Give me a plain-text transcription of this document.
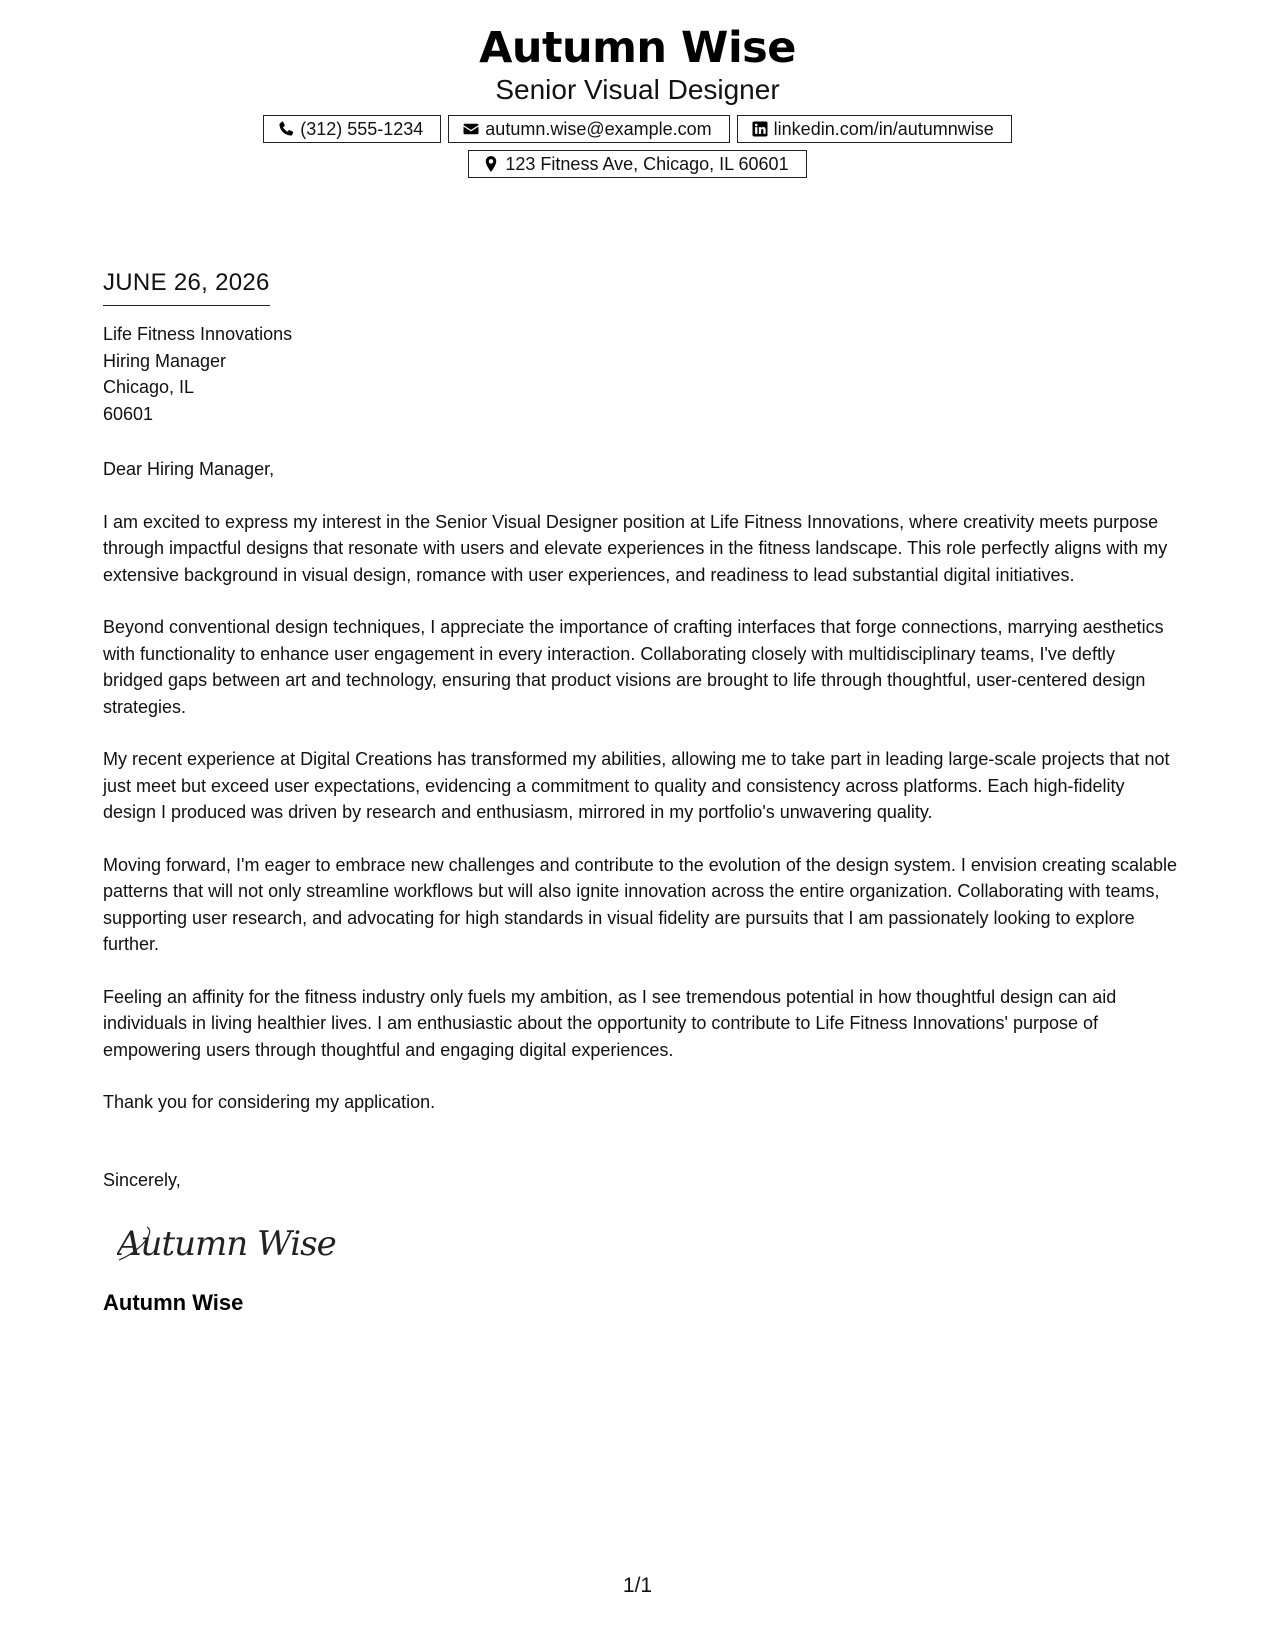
Autumn Wise
Senior Visual Designer
(312) 555-1234	autumn.wise@example.com	linkedin.com/in/autumnwise
123 Fitness Ave, Chicago, IL 60601
JUNE 26, 2026
Life Fitness Innovations
Hiring Manager
Chicago, IL
60601
Dear Hiring Manager,

I am excited to express my interest in the Senior Visual Designer position at Life Fitness Innovations, where creativity meets purpose through impactful designs that resonate with users and elevate experiences in the fitness landscape. This role perfectly aligns with my extensive background in visual design, romance with user experiences, and readiness to lead substantial digital initiatives.

Beyond conventional design techniques, I appreciate the importance of crafting interfaces that forge connections, marrying aesthetics with functionality to enhance user engagement in every interaction. Collaborating closely with multidisciplinary teams, I've deftly bridged gaps between art and technology, ensuring that product visions are brought to life through thoughtful, user-centered design strategies.

My recent experience at Digital Creations has transformed my abilities, allowing me to take part in leading large-scale projects that not just meet but exceed user expectations, evidencing a commitment to quality and consistency across platforms. Each high-fidelity design I produced was driven by research and enthusiasm, mirrored in my portfolio's unwavering quality.

Moving forward, I'm eager to embrace new challenges and contribute to the evolution of the design system. I envision creating scalable patterns that will not only streamline workflows but will also ignite innovation across the entire organization. Collaborating with teams, supporting user research, and advocating for high standards in visual fidelity are pursuits that I am passionately looking to explore further.

Feeling an affinity for the fitness industry only fuels my ambition, as I see tremendous potential in how thoughtful design can aid individuals in living healthier lives. I am enthusiastic about the opportunity to contribute to Life Fitness Innovations' purpose of empowering users through thoughtful and engaging digital experiences.

Thank you for considering my application.

Sincerely,
Autumn Wise
Autumn Wise
1/1
